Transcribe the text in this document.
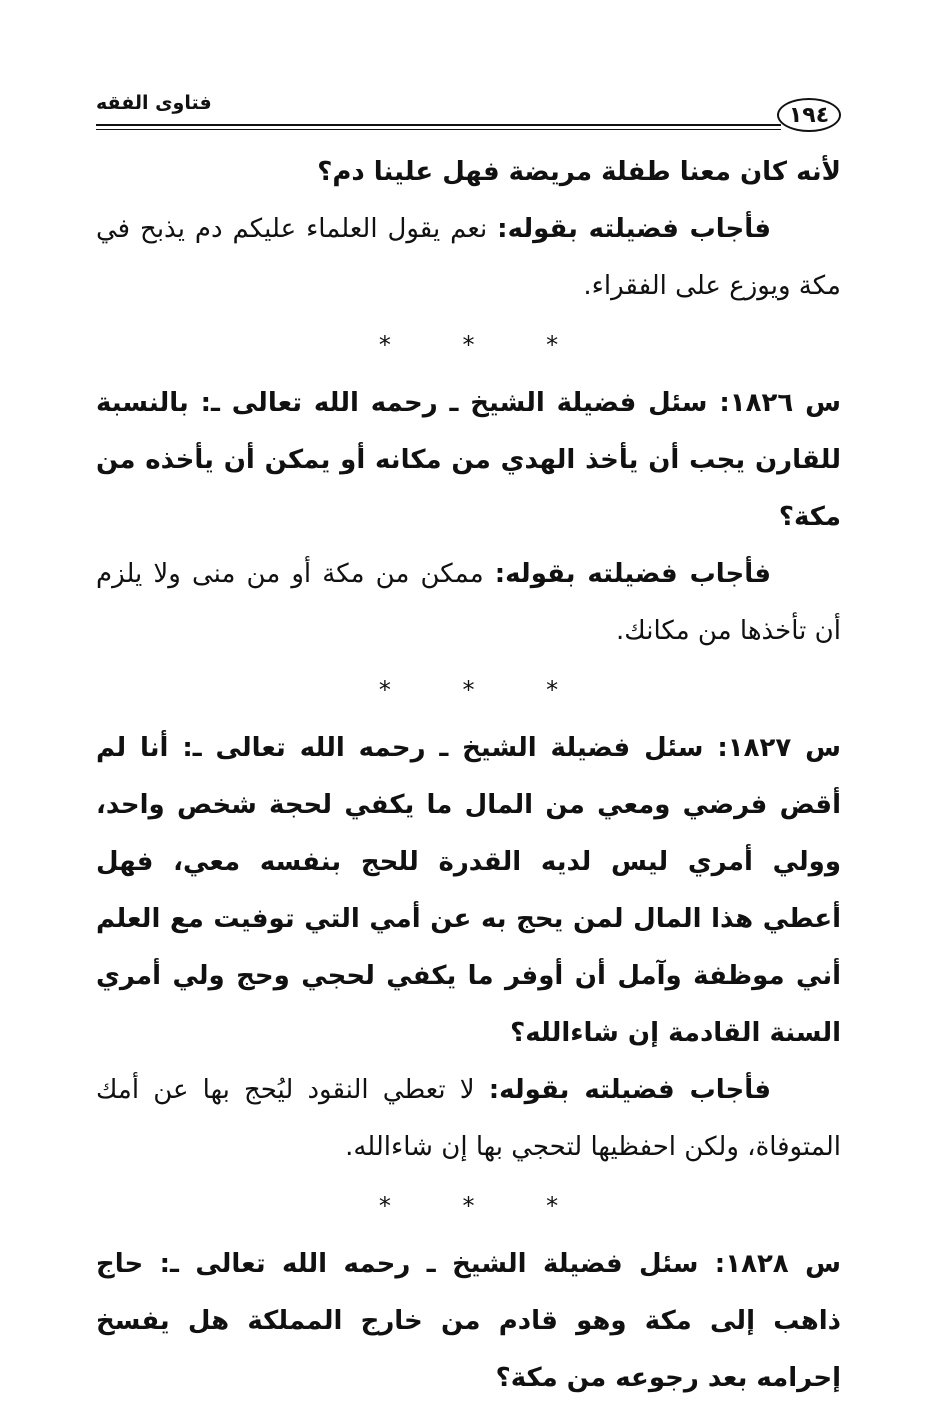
١٩٤
فتاوى الفقه

لأنه كان معنا طفلة مريضة فهل علينا دم؟

فأجاب فضيلته بقوله: نعم يقول العلماء عليكم دم يذبح في مكة ويوزع على الفقراء.

* * *

س ١٨٢٦: سئل فضيلة الشيخ ـ رحمه الله تعالى ـ: بالنسبة للقارن يجب أن يأخذ الهدي من مكانه أو يمكن أن يأخذه من مكة؟

فأجاب فضيلته بقوله: ممكن من مكة أو من منى ولا يلزم أن تأخذها من مكانك.

* * *

س ١٨٢٧: سئل فضيلة الشيخ ـ رحمه الله تعالى ـ: أنا لم أقض فرضي ومعي من المال ما يكفي لحجة شخص واحد، وولي أمري ليس لديه القدرة للحج بنفسه معي، فهل أعطي هذا المال لمن يحج به عن أمي التي توفيت مع العلم أني موظفة وآمل أن أوفر ما يكفي لحجي وحج ولي أمري السنة القادمة إن شاءالله؟

فأجاب فضيلته بقوله: لا تعطي النقود ليُحج بها عن أمك المتوفاة، ولكن احفظيها لتحجي بها إن شاءالله.

* * *

س ١٨٢٨: سئل فضيلة الشيخ ـ رحمه الله تعالى ـ: حاج ذاهب إلى مكة وهو قادم من خارج المملكة هل يفسخ إحرامه بعد رجوعه من مكة؟
